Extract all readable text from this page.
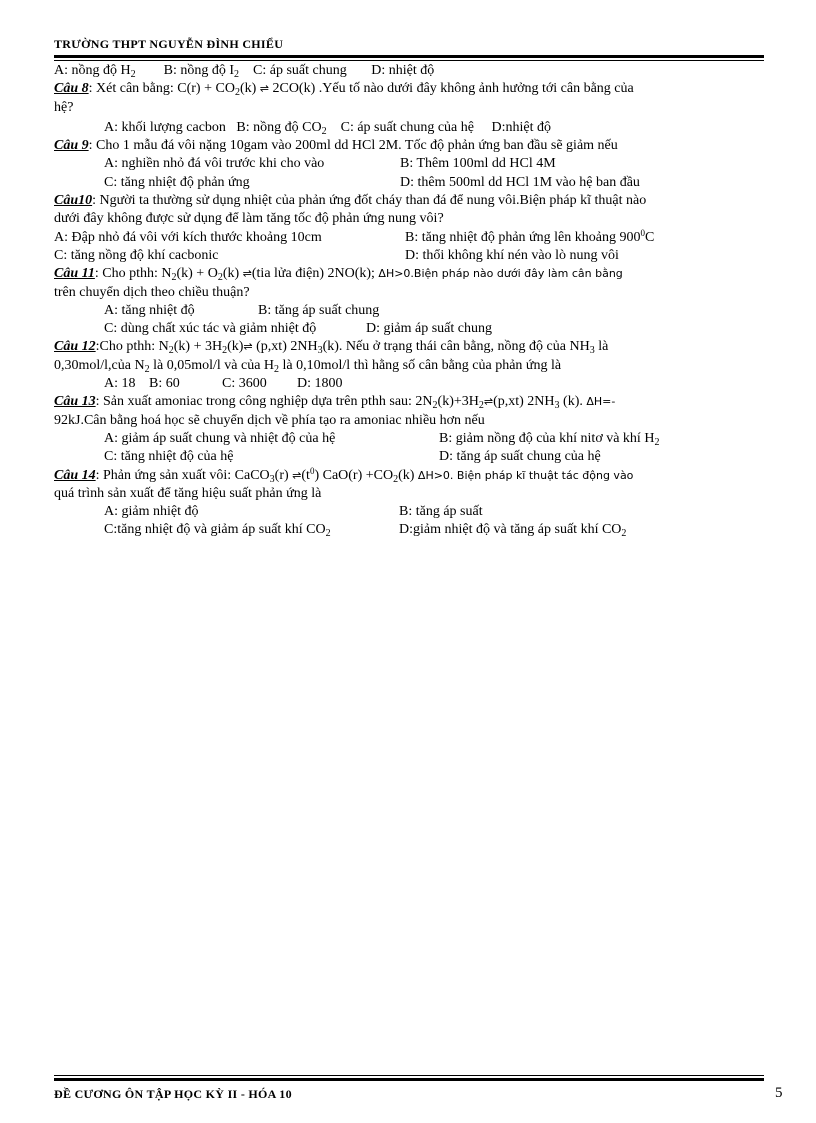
TRƯỜNG THPT NGUYỄN ĐÌNH CHIỂU
A: nồng độ $H_2$ B: nồng độ $I_2$ C: áp suất chung D: nhiệt độ
Câu 8: Xét cân bằng: $C(r) + CO_2(k)$ ⇌ 2CO(k) .Yếu tố nào dưới đây không ảnh hưởng tới cân bằng của
hệ?
A: khối lượng cacbon B: nồng độ $CO_2$ C: áp suất chung của hệ D:nhiệt độ
Câu 9: Cho 1 mẫu đá vôi nặng 10gam vào 200ml dd HCl 2M. Tốc độ phản ứng ban đầu sẽ giảm nếu
A: nghiền nhỏ đá vôi trước khi cho vào	B: Thêm 100ml dd HCl 4M
C: tăng nhiệt độ phản ứng	D: thêm 500ml dd HCl 1M vào hệ ban đầu
Câu10: Người ta thường sử dụng nhiệt của phản ứng đốt cháy than đá để nung vôi.Biện pháp kĩ thuật nào
dưới đây không được sử dụng để làm tăng tốc độ phản ứng nung vôi?
A: Đập nhỏ đá vôi với kích thước khoảng 10cm	B: tăng nhiệt độ phản ứng lên khoảng $900^0C$
C: tăng nồng độ khí cacbonic	D: thổi không khí nén vào lò nung vôi
Câu 11: Cho pthh: $N_2(k) + O_2(k)$ ⇌(tia lửa điện) 2NO(k); ΔH>0.Biện pháp nào dưới đây làm cân bằng
trên chuyển dịch theo chiều thuận?
A: tăng nhiệt độ	B: tăng áp suất chung
C: dùng chất xúc tác và giảm nhiệt độ	D: giảm áp suất chung
Câu 12:Cho pthh: $N_2(k)$ + $3H_2(k)\rightleftharpoons$ (p,xt) $2NH_3(k)$. Nếu ở trạng thái cân bằng, nồng độ của $NH_3$ là
0,30mol/l,của $N_2$ là 0,05mol/l và của $H_2$ là 0,10mol/l thì hằng số cân bằng của phản ứng là
A: 18 B: 60	C: 3600 D: 1800
Câu 13: Sản xuất amoniac trong công nghiệp dựa trên pthh sau: $2N_2(k)+3H_2\rightleftharpoons(p,xt)$ $2NH_3$ (k). ΔH=-
92kJ.Cân bằng hoá học sẽ chuyển dịch về phía tạo ra amoniac nhiều hơn nếu
A: giảm áp suất chung và nhiệt độ của hệ	B: giảm nồng độ của khí nitơ và khí $H_2$
C: tăng nhiệt độ của hệ	D: tăng áp suất chung của hệ
Câu 14: Phản ứng sản xuất vôi: CaCO$_3$(r) $\rightleftharpoons(t^0)$ $CaO(r) +CO_2(k)$ ΔH>0. Biện pháp kĩ thuật tác động vào
quá trình sản xuất để tăng hiệu suất phản ứng là
A: giảm nhiệt độ	B: tăng áp suất
C:tăng nhiệt độ và giảm áp suất khí $CO_2$	D:giảm nhiệt độ và tăng áp suất khí $CO_2$
ĐỀ CƯƠNG ÔN TẬP HỌC KỲ II - HÓA 10	5
